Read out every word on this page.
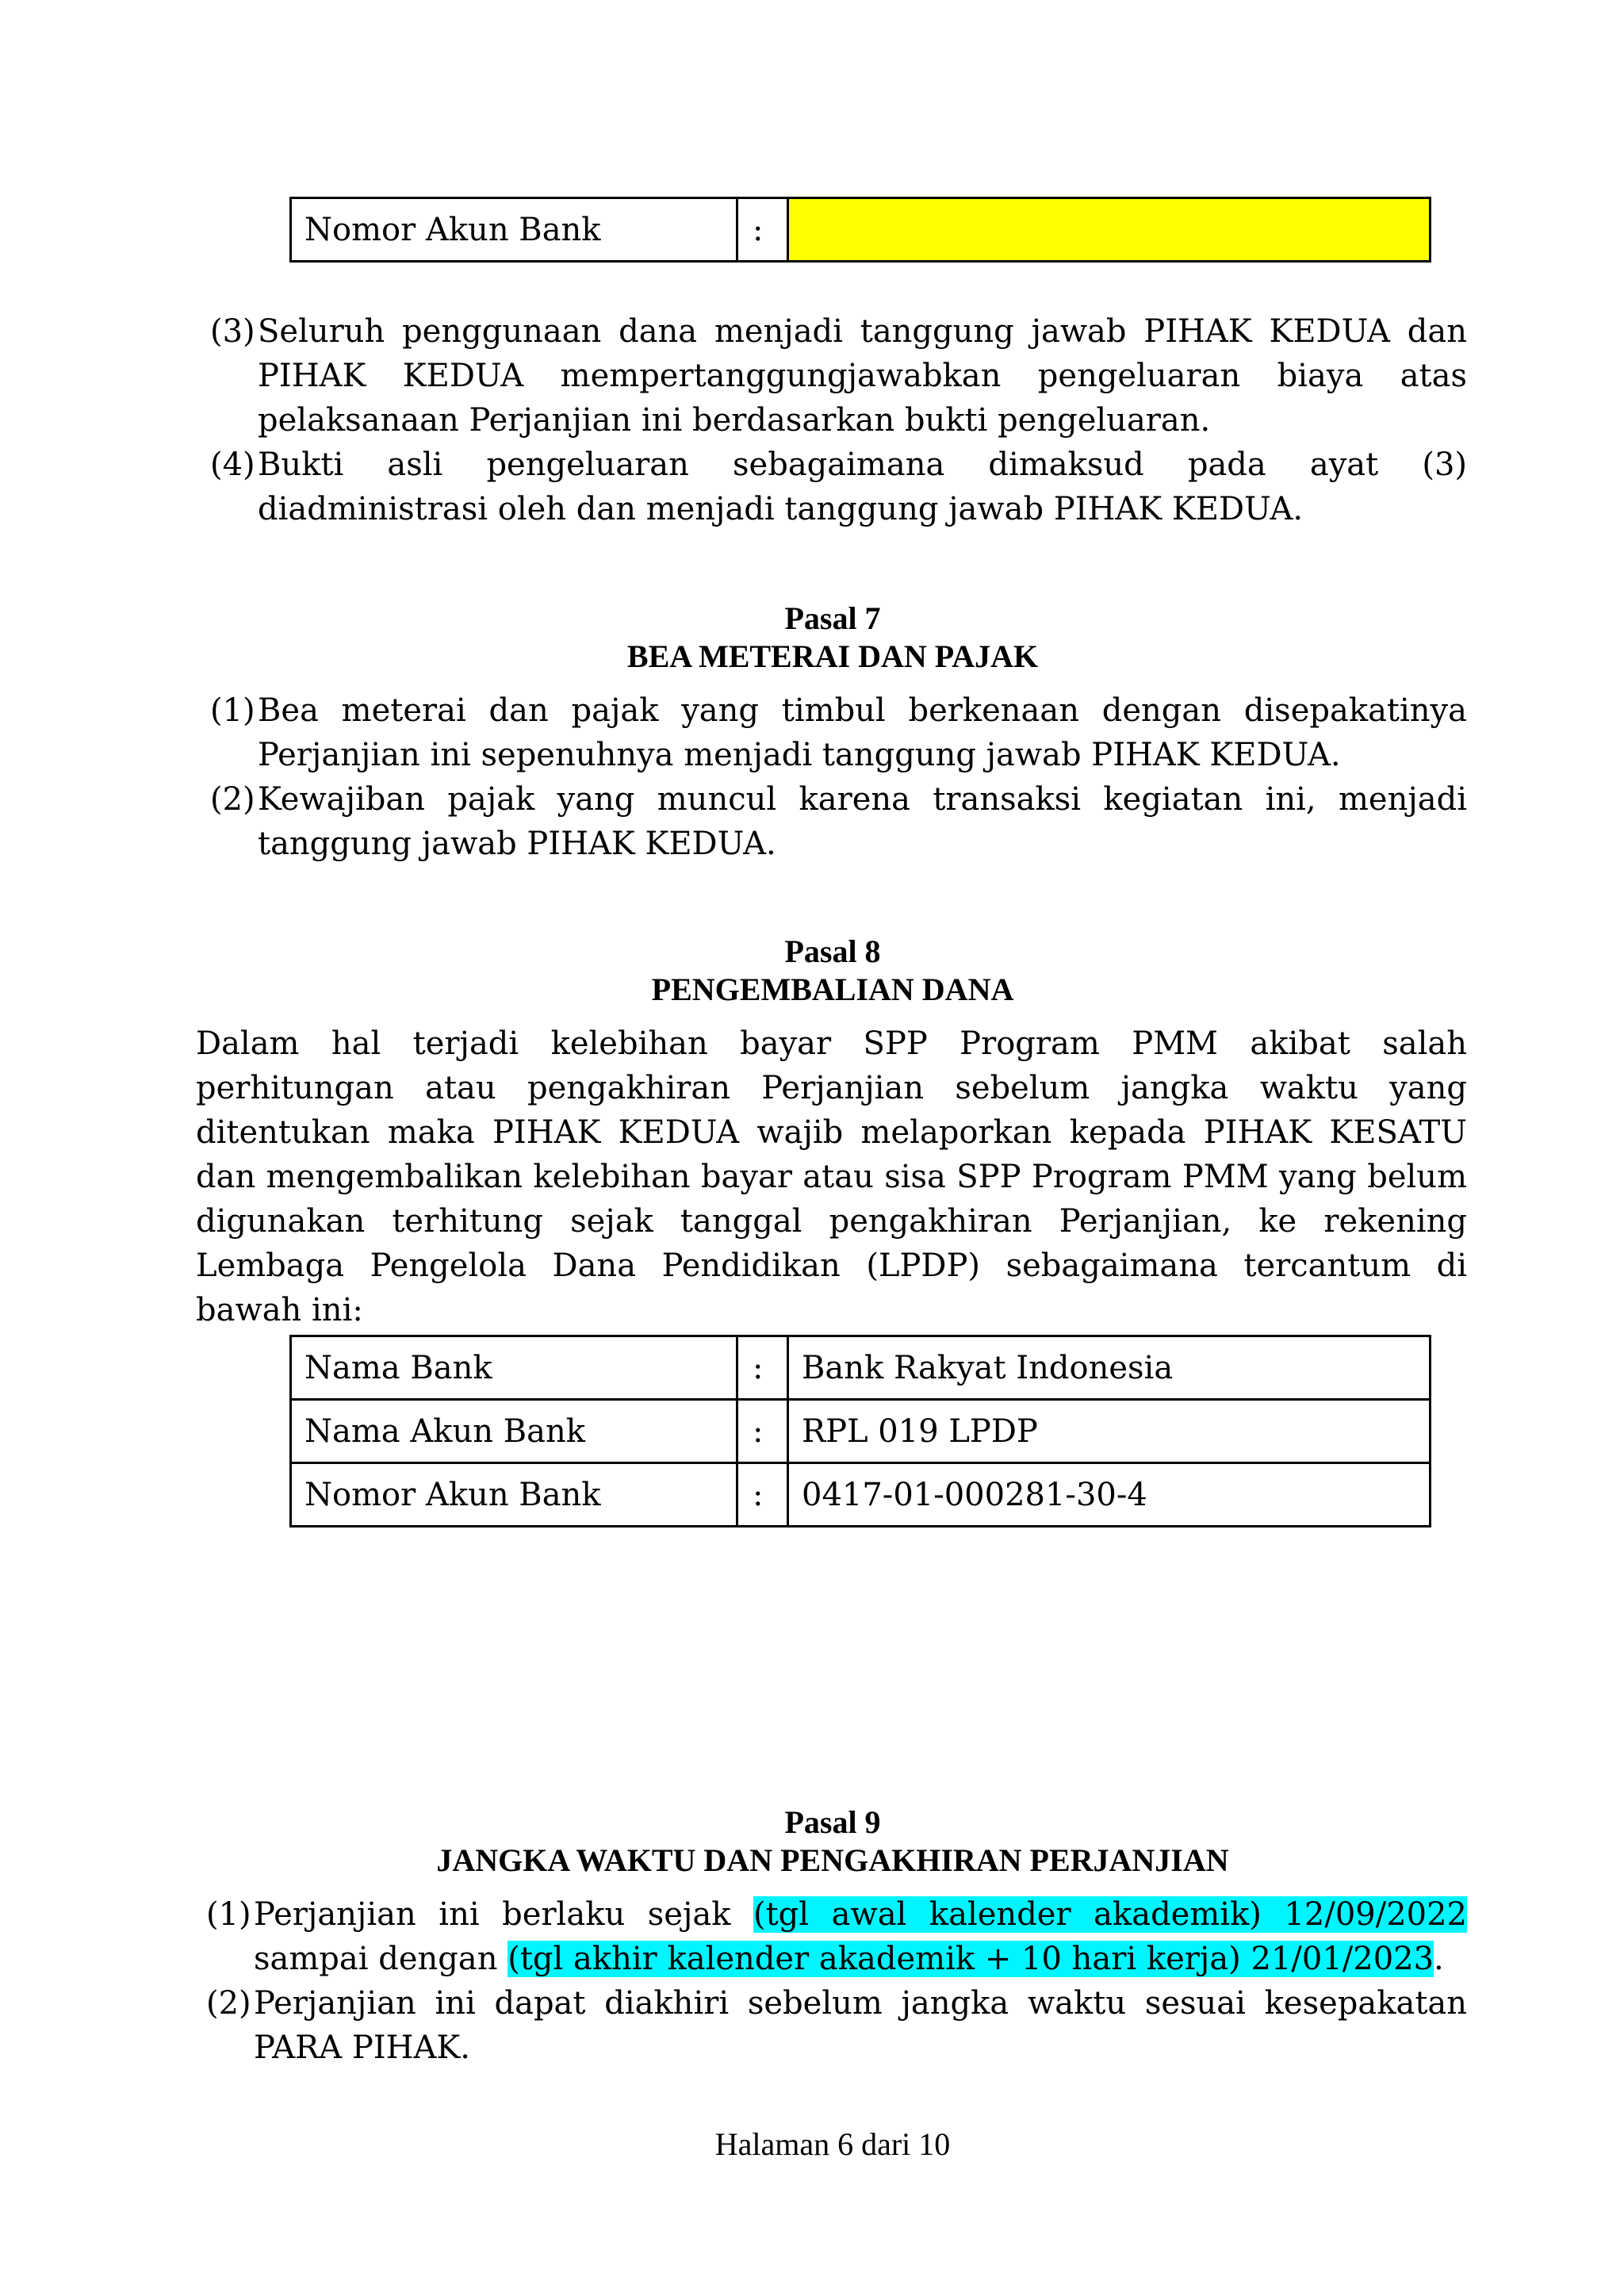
Nomor Akun Bank	:	
(3) Seluruh penggunaan dana menjadi tanggung jawab PIHAK KEDUA dan PIHAK KEDUA mempertanggungjawabkan pengeluaran biaya atas pelaksanaan Perjanjian ini berdasarkan bukti pengeluaran.
(4) Bukti asli pengeluaran sebagaimana dimaksud pada ayat (3) diadministrasi oleh dan menjadi tanggung jawab PIHAK KEDUA.
Pasal 7
BEA METERAI DAN PAJAK
(1) Bea meterai dan pajak yang timbul berkenaan dengan disepakatinya Perjanjian ini sepenuhnya menjadi tanggung jawab PIHAK KEDUA.
(2) Kewajiban pajak yang muncul karena transaksi kegiatan ini, menjadi tanggung jawab PIHAK KEDUA.
Pasal 8
PENGEMBALIAN DANA
Dalam hal terjadi kelebihan bayar SPP Program PMM akibat salah perhitungan atau pengakhiran Perjanjian sebelum jangka waktu yang ditentukan maka PIHAK KEDUA wajib melaporkan kepada PIHAK KESATU dan mengembalikan kelebihan bayar atau sisa SPP Program PMM yang belum digunakan terhitung sejak tanggal pengakhiran Perjanjian, ke rekening Lembaga Pengelola Dana Pendidikan (LPDP) sebagaimana tercantum di bawah ini:
Nama Bank	:	Bank Rakyat Indonesia
Nama Akun Bank	:	RPL 019 LPDP
Nomor Akun Bank	:	0417-01-000281-30-4
Pasal 9
JANGKA WAKTU DAN PENGAKHIRAN PERJANJIAN
(1) Perjanjian ini berlaku sejak (tgl awal kalender akademik) 12/09/2022 sampai dengan (tgl akhir kalender akademik + 10 hari kerja) 21/01/2023.
(2) Perjanjian ini dapat diakhiri sebelum jangka waktu sesuai kesepakatan PARA PIHAK.
Halaman 6 dari 10
